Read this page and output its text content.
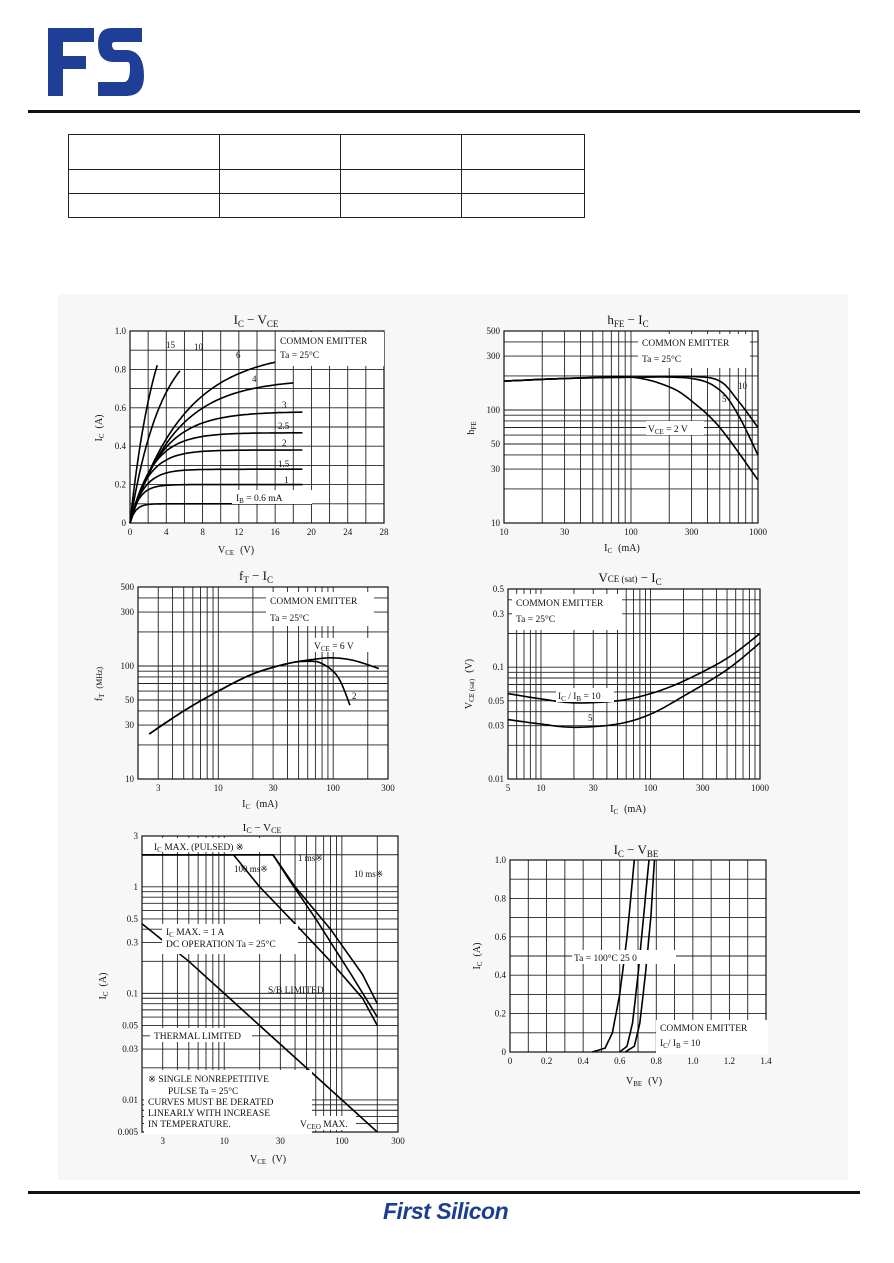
$I_C - V_{CE}$
0	4	8	12	16	20	24	28
0
0.2
0.4
0.6
0.8
1.0
$V_{CE}$ (V)
$I_C(A)$
COMMON EMITTER
Ta = 25°C
15 10
6
4
3
2.5
2
1.5
1
$I_B = 0.6$ mA
$h_{FE} - I_C$
10	30	100	300	1000
10
30
50
100
300
500
$I_C$ (mA)
$h_{FE}$
COMMON EMITTER
Ta = 25°C
$V_{CE} = 2$ V
10
5
$f_T - I_C$
3	10	30	100	300
10
30
50
100
300
500
$I_C$ (mA)
$f_T^{(MHz)}$
COMMON EMITTER
Ta = 25°C
$V_{CE} = 6$ V
2
VCE $(sat) - I_C$
5	10	30	100	300	1000
0.01
0.03
0.05
0.1
0.3
0.5
$I_C$ (mA)
$V_{CE (sat)}(V)$
COMMON EMITTER
Ta = 25°C
$I_C / I_B = 10$
5
IC − VCE
3	10	30	100	300
0.005
0.01
0.03
0.05
0.1
0.3
0.5
1
3
$V_{CE}$ (V)
$I_C(A)$
$I_C$ MAX. (PULSED) ※
1 ms※
100 ms※	10 ms※
$I_C$ MAX. = 1 A
DC OPERATION Ta = 25°C
S/B LIMITED
THERMAL LIMITED
※ SINGLE NONREPETITIVE
PULSE Ta = 25°C
CURVES MUST BE DERATED
LINEARLY WITH INCREASE
IN TEMPERATURE.	$V_{CEO}$ MAX.
$I_C - V_{BE}$
0	0.2	0.4	0.6	0.8	1.0	1.2	1.4
0
0.2
0.4
0.6
0.8
1.0
$V_{BE}$ (V)
$I_C(A)$
Ta = 100°C 25 0
COMMON EMITTER
$I_C/$ $I_B = 10$
First Silicon
